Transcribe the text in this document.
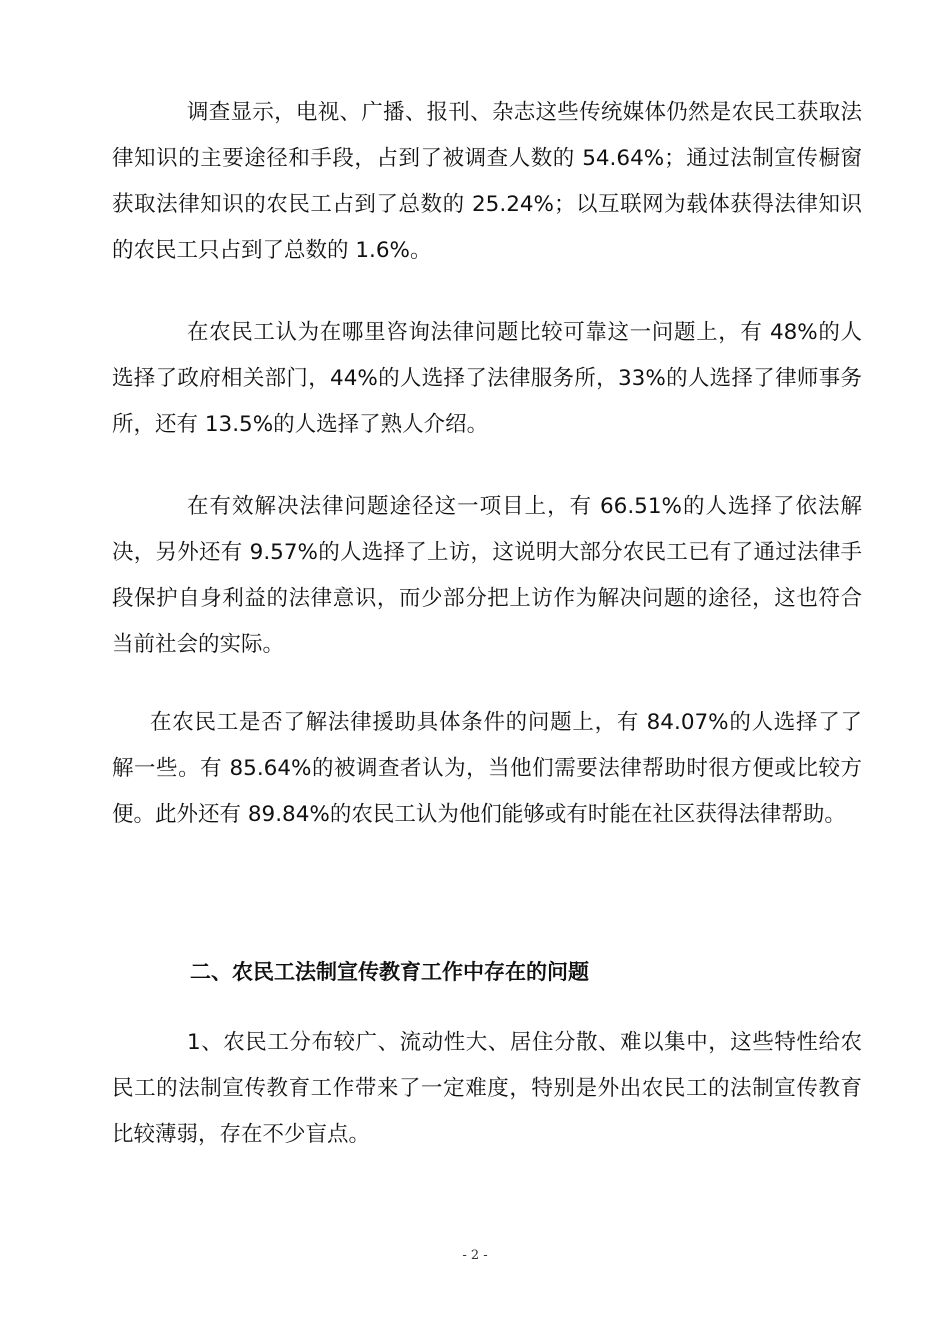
调查显示，电视、广播、报刊、杂志这些传统媒体仍然是农民工获取法律知识的主要途径和手段，占到了被调查人数的 54.64%；通过法制宣传橱窗获取法律知识的农民工占到了总数的 25.24%；以互联网为载体获得法律知识的农民工只占到了总数的 1.6%。

在农民工认为在哪里咨询法律问题比较可靠这一问题上，有 48%的人选择了政府相关部门，44%的人选择了法律服务所，33%的人选择了律师事务所，还有 13.5%的人选择了熟人介绍。

在有效解决法律问题途径这一项目上，有 66.51%的人选择了依法解决，另外还有 9.57%的人选择了上访，这说明大部分农民工已有了通过法律手段保护自身利益的法律意识，而少部分把上访作为解决问题的途径，这也符合当前社会的实际。

在农民工是否了解法律援助具体条件的问题上，有 84.07%的人选择了了解一些。有 85.64%的被调查者认为，当他们需要法律帮助时很方便或比较方便。此外还有 89.84%的农民工认为他们能够或有时能在社区获得法律帮助。

二、农民工法制宣传教育工作中存在的问题

1、农民工分布较广、流动性大、居住分散、难以集中，这些特性给农民工的法制宣传教育工作带来了一定难度，特别是外出农民工的法制宣传教育比较薄弱，存在不少盲点。

- 2 -
